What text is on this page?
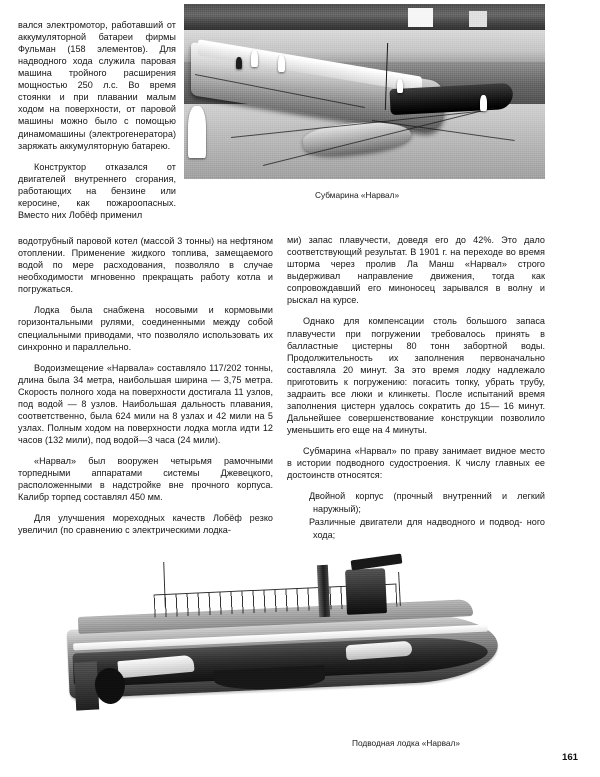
Субмарина «Нарвал»

вался электромотор, работавший от аккумуляторной батареи фирмы Фульман (158 элементов). Для надводного хода служила паровая машина тройного расширения мощностью 250 л.с. Во время стоянки и при плавании малым ходом на поверхности, от паровой машины можно было с помощью динамомашины (электрогенератора) заряжать аккумуляторную батарею.

Конструктор отказался от двигателей внутреннего сгорания, работающих на бензине или керосине, как пожароопасных. Вместо них Лобёф применил

водотрубный паровой котел (массой 3 тонны) на нефтяном отоплении. Применение жидкого топлива, замещаемого водой по мере расходования, позволяло в случае необходимости мгновенно прекращать работу котла и погружаться.

Лодка была снабжена носовыми и кормовыми горизонтальными рулями, соединенными между собой специальными приводами, что позволяло использовать их синхронно и параллельно.

Водоизмещение «Нарвала» составляло 117/202 тонны, длина была 34 метра, наибольшая ширина — 3,75 метра. Скорость полного хода на поверхности достигала 11 узлов, под водой — 8 узлов. Наибольшая дальность плавания, соответственно, была 624 мили на 8 узлах и 42 мили на 5 узлах. Полным ходом на поверхности лодка могла идти 12 часов (132 мили), под водой—3 часа (24 мили).

«Нарвал» был вооружен четырьмя рамочными торпедными аппаратами системы Джевецкого, расположенными в надстройке вне прочного корпуса. Калибр торпед составлял 450 мм.

Для улучшения мореходных качеств Лобёф резко увеличил (по сравнению с электрическими лодка-

ми) запас плавучести, доведя его до 42%. Это дало соответствующий результат. В 1901 г. на переходе во время шторма через пролив Ла Манш «Нарвал» строго выдерживал направление движения, тогда как сопровождавший его миноносец зарывался в волну и рыскал на курсе.

Однако для компенсации столь большого запаса плавучести при погружении требовалось принять в балластные цистерны 80 тонн забортной воды. Продолжительность их заполнения первоначально составляла 20 минут. За это время лодку надлежало приготовить к погружению: погасить топку, убрать трубу, задраить все люки и клинкеты. После испытаний время заполнения цистерн удалось сократить до 15— 16 минут. Дальнейшее совершенствование конструкции позволило уменьшить его еще на 4 минуты.

Субмарина «Нарвал» по праву занимает видное место в истории подводного судостроения. К числу главных ее достоинств относятся:

Двойной корпус (прочный внутренний и легкий наружный);
Различные двигатели для надводного и подвод- ного хода;
Подводная лодка «Нарвал»
161
